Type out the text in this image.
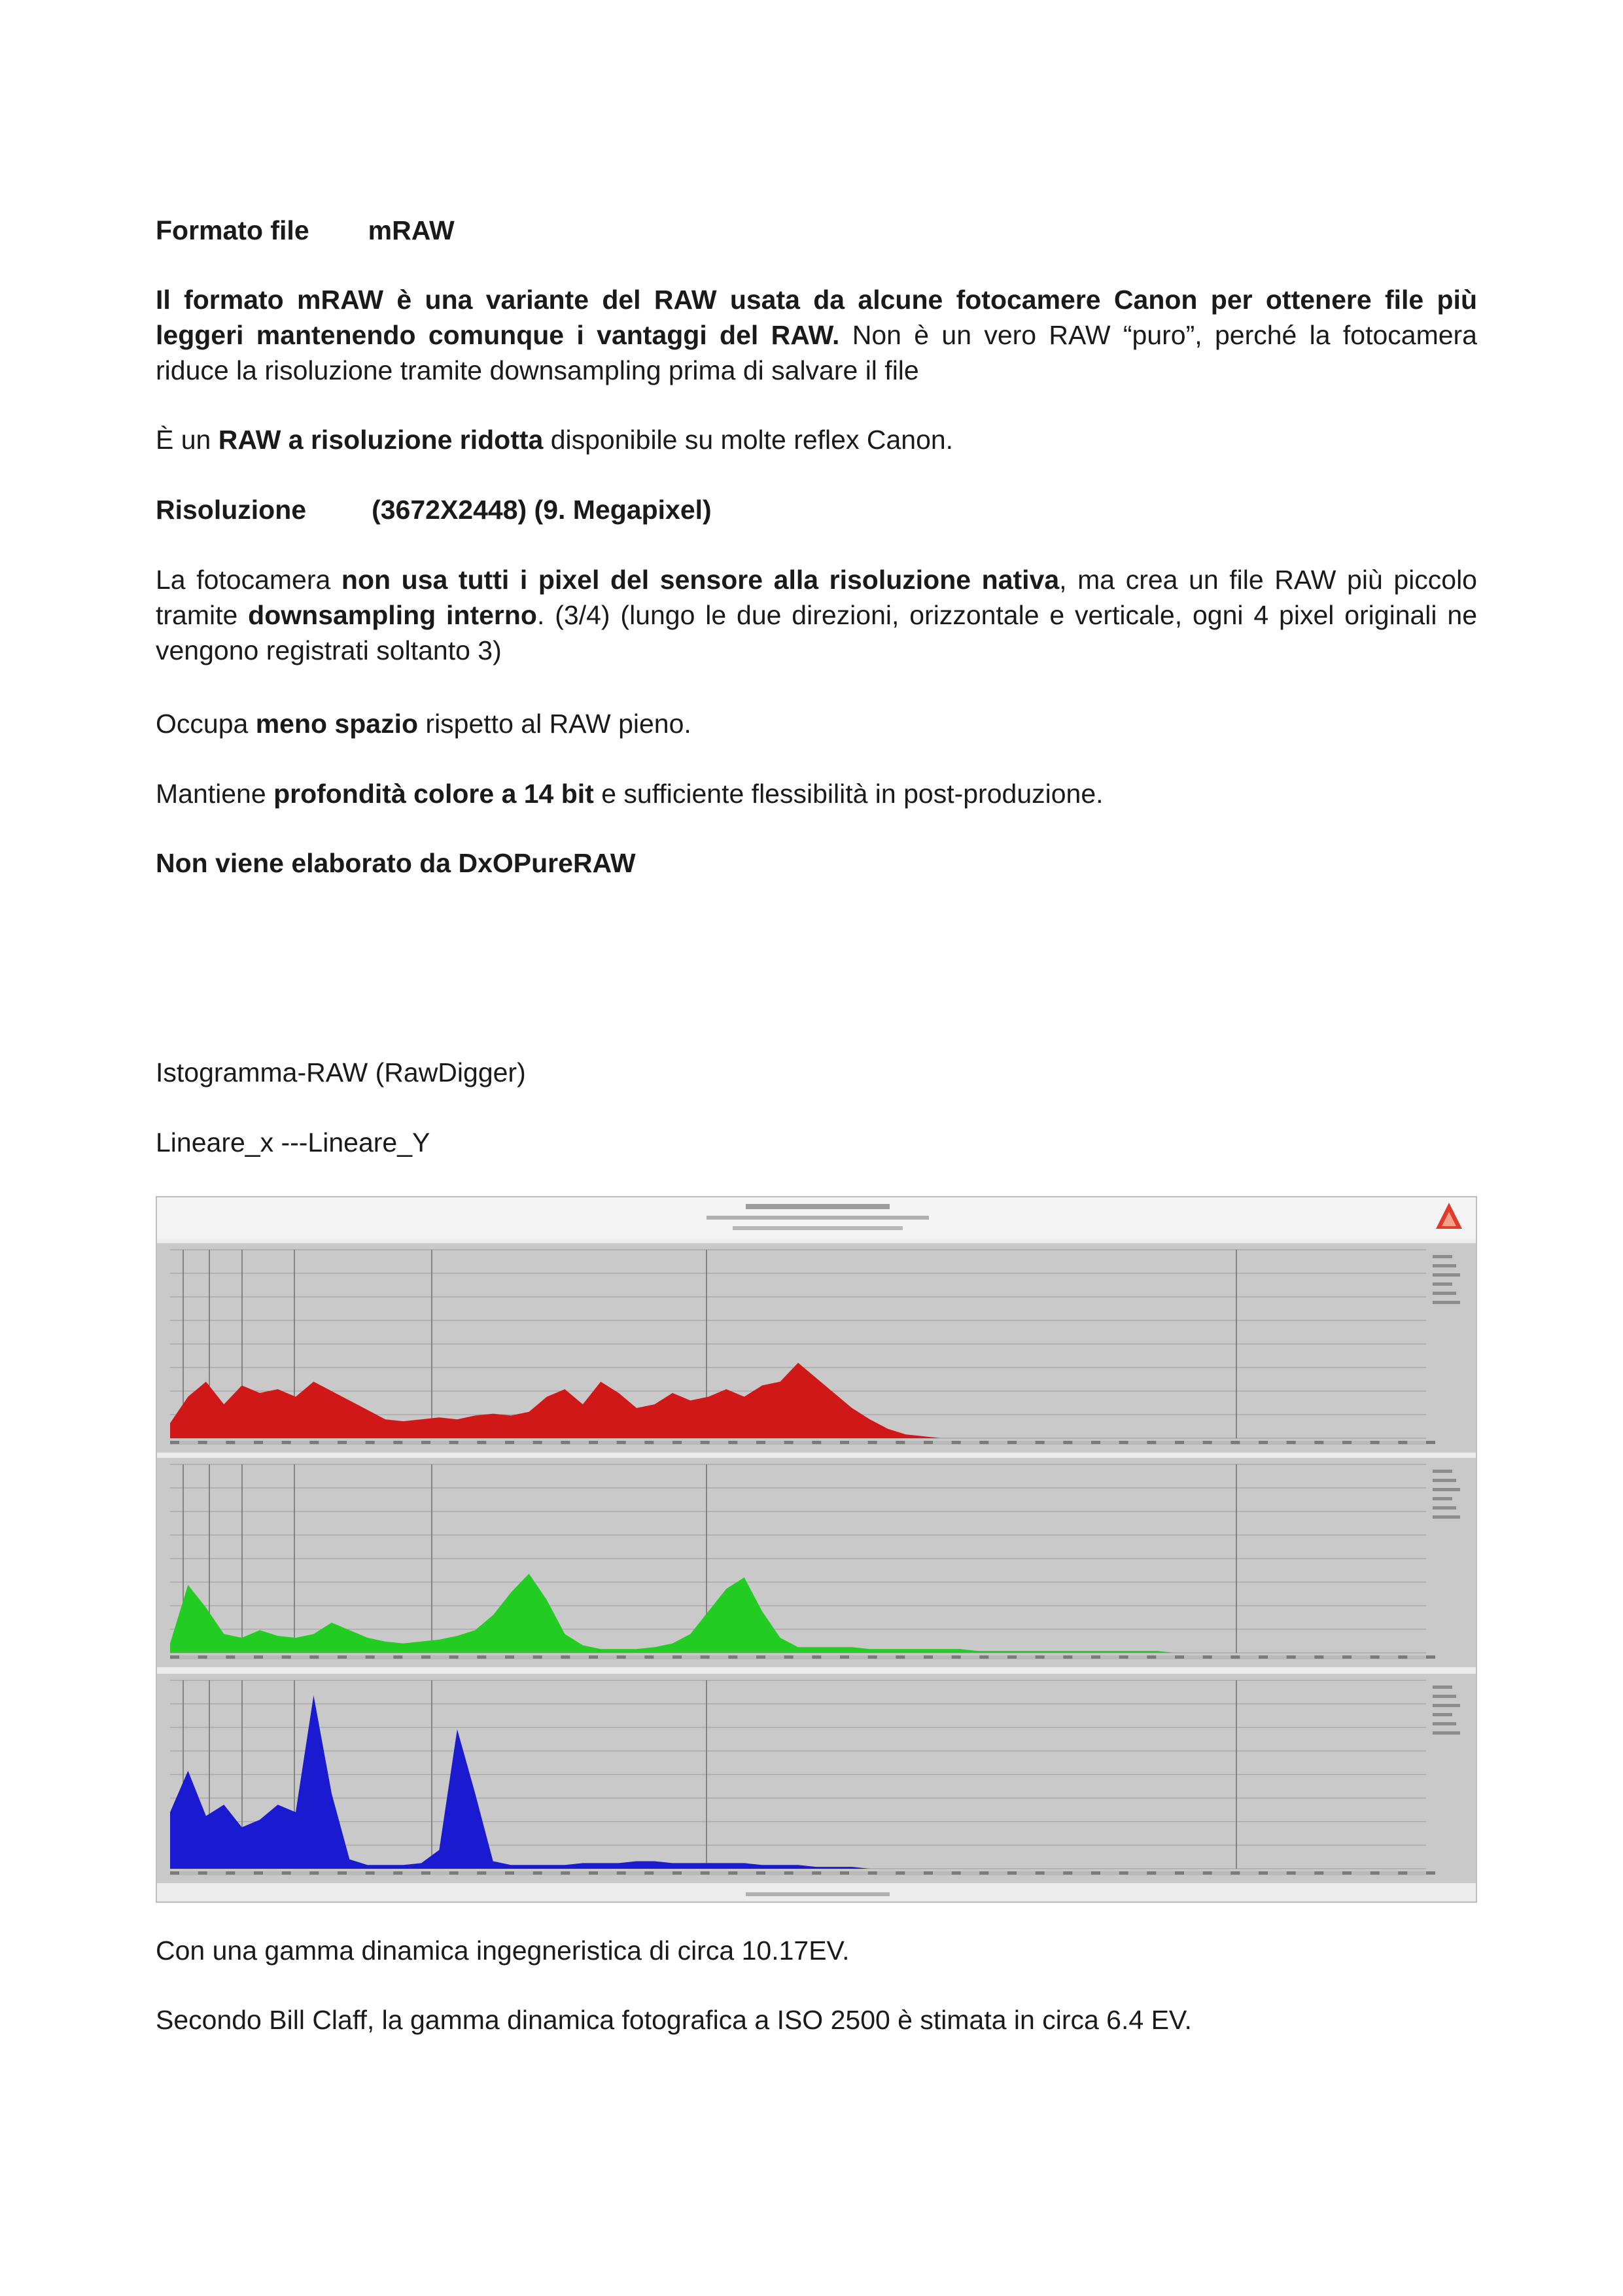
Formato file mRAW

Il formato mRAW è una variante del RAW usata da alcune fotocamere Canon per ottenere file più leggeri mantenendo comunque i vantaggi del RAW. Non è un vero RAW “puro”, perché la fotocamera riduce la risoluzione tramite downsampling prima di salvare il file

È un RAW a risoluzione ridotta disponibile su molte reflex Canon.

Risoluzione (3672X2448) (9. Megapixel)

La fotocamera non usa tutti i pixel del sensore alla risoluzione nativa, ma crea un file RAW più piccolo tramite downsampling interno. (3/4) (lungo le due direzioni, orizzontale e verticale, ogni 4 pixel originali ne vengono registrati soltanto 3)

Occupa meno spazio rispetto al RAW pieno.

Mantiene profondità colore a 14 bit e sufficiente flessibilità in post-produzione.

Non viene elaborato da DxOPureRAW

Istogramma-RAW (RawDigger)

Lineare_x ---Lineare_Y

Con una gamma dinamica ingegneristica di circa 10.17EV.

Secondo Bill Claff, la gamma dinamica fotografica a ISO 2500 è stimata in circa 6.4 EV.
